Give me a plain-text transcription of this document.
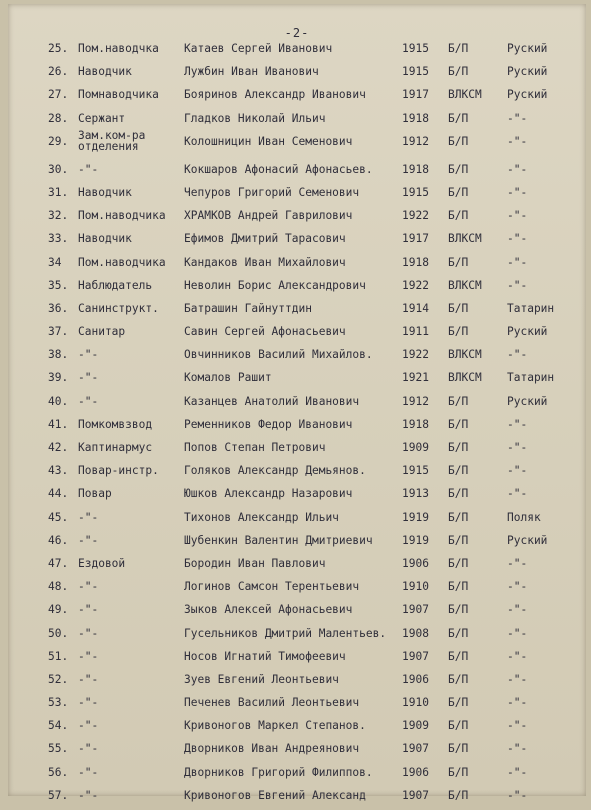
-2-
25. Пом.наводчка	Катаев Сергей Иванович	1915	Б/П	Руский
26. Наводчик	Лужбин Иван Иванович	1915	Б/П	Руский
27. Помнаводчика	Бояринов Александр Иванович	1917	ВЛКСМ	Руский
28. Сержант	Гладков Николай Ильич	1918	Б/П	-"-
29. Зам.ком-ра отделения	Колошницин Иван Семенович	1912	Б/П	-"-
30. -"-	Кокшаров Афонасий Афонасьев.	1918	Б/П	-"-
31. Наводчик	Чепуров Григорий Семенович	1915	Б/П	-"-
32. Пом.наводчика	ХРАМКОВ Андрей Гаврилович	1922	Б/П	-"-
33. Наводчик	Ефимов Дмитрий Тарасович	1917	ВЛКСМ	-"-
34	Пом.наводчика	Кандаков Иван Михайлович	1918	Б/П	-"-
35. Наблюдатель	Неволин Борис Александрович	1922	ВЛКСМ	-"-
36. Санинструкт.	Батрашин Гайнуттдин	1914	Б/П	Татарин
37. Санитар	Савин Сергей Афонасьевич	1911	Б/П	Руский
38. -"-	Овчинников Василий Михайлов.	1922	ВЛКСМ	-"-
39. -"-	Комалов Рашит	1921	ВЛКСМ	Татарин
40. -"-	Казанцев Анатолий Иванович	1912	Б/П	Руский
41. Помкомвзвод	Ременников Федор Иванович	1918	Б/П	-"-
42. Каптинармус	Попов Степан Петрович	1909	Б/П	-"-
43. Повар-инстр.	Голяков Александр Демьянов.	1915	Б/П	-"-
44. Повар	Юшков Александр Назарович	1913	Б/П	-"-
45. -"-	Тихонов Александр Ильич	1919	Б/П	Поляк
46. -"-	Шубенкин Валентин Дмитриевич	1919	Б/П	Руский
47. Ездовой	Бородин Иван Павлович	1906	Б/П	-"-
48. -"-	Логинов Самсон Терентьевич	1910	Б/П	-"-
49. -"-	Зыков Алексей Афонасьевич	1907	Б/П	-"-
50. -"-	Гусельников Дмитрий Малентьев.	1908	Б/П	-"-
51. -"-	Носов Игнатий Тимофеевич	1907	Б/П	-"-
52. -"-	Зуев Евгений Леонтьевич	1906	Б/П	-"-
53. -"-	Печенев Василий Леонтьевич	1910	Б/П	-"-
54. -"-	Кривоногов Маркел Степанов.	1909	Б/П	-"-
55. -"-	Дворников Иван Андреянович	1907	Б/П	-"-
56. -"-	Дворников Григорий Филиппов.	1906	Б/П	-"-
57. -"-	Кривоногов Евгений Александ	1907	Б/П	-"-
